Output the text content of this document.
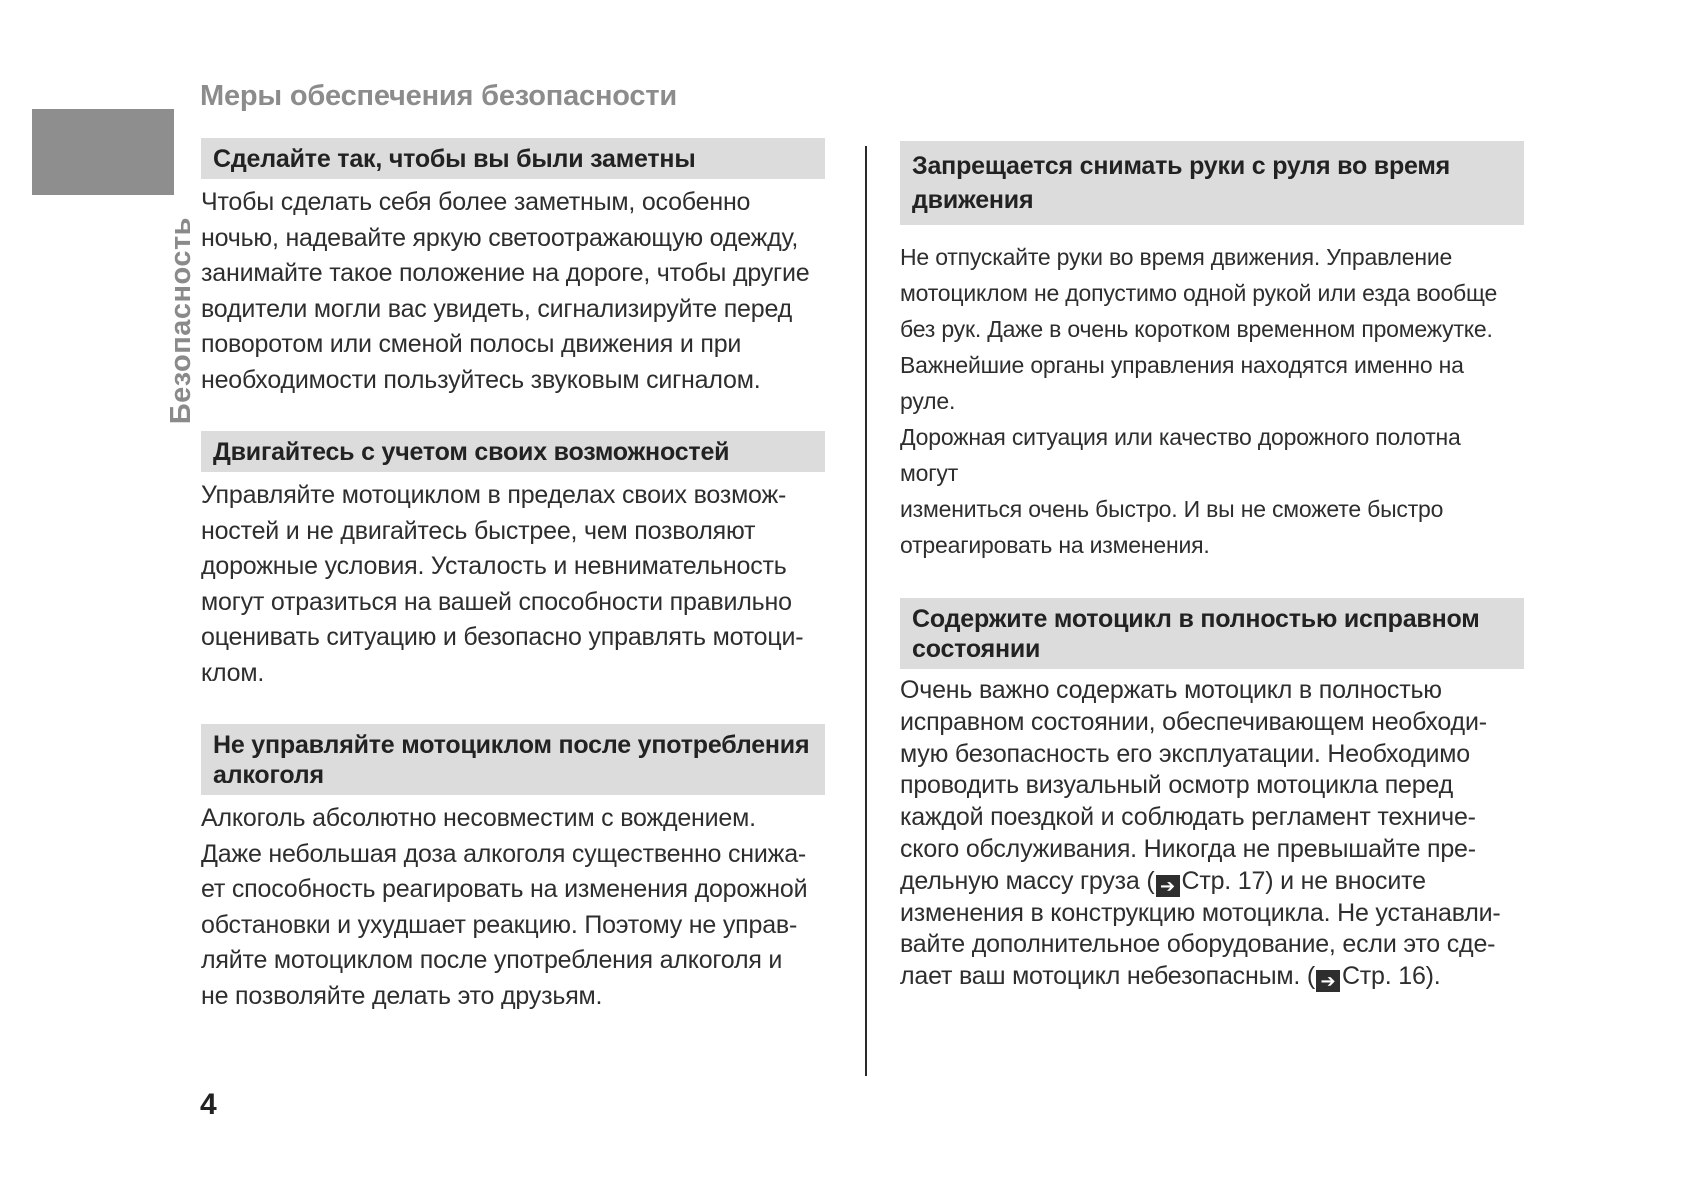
Безопасность
Меры обеспечения безопасности
Сделайте так, чтобы вы были заметны
Чтобы сделать себя более заметным, особенно
ночью, надевайте яркую светоотражающую одежду,
занимайте такое положение на дороге, чтобы другие
водители могли вас увидеть, сигнализируйте перед
поворотом или сменой полосы движения и при
необходимости пользуйтесь звуковым сигналом.
Двигайтесь с учетом своих возможностей
Управляйте мотоциклом в пределах своих возмож-
ностей и не двигайтесь быстрее, чем позволяют
дорожные условия. Усталость и невнимательность
могут отразиться на вашей способности правильно
оценивать ситуацию и безопасно управлять мотоци-
клом.
Не управляйте мотоциклом после употребления
алкоголя
Алкоголь абсолютно несовместим с вождением.
Даже небольшая доза алкоголя существенно снижа-
ет способность реагировать на изменения дорожной
обстановки и ухудшает реакцию. Поэтому не управ-
ляйте мотоциклом после употребления алкоголя и
не позволяйте делать это друзьям.
Запрещается снимать руки с руля во время
движения
Не отпускайте руки во время движения. Управление
мотоциклом не допустимо одной рукой или езда вообще
без рук. Даже в очень коротком временном промежутке.
Важнейшие органы управления находятся именно на руле.
Дорожная ситуация или качество дорожного полотна могут
измениться очень быстро. И вы не сможете быстро
отреагировать на изменения.
Содержите мотоцикл в полностью исправном
состоянии
Очень важно содержать мотоцикл в полностью
исправном состоянии, обеспечивающем необходи-
мую безопасность его эксплуатации. Необходимо
проводить визуальный осмотр мотоцикла перед
каждой поездкой и соблюдать регламент техниче-
ского обслуживания. Никогда не превышайте пре-
дельную массу груза ( ➔ Стр. 17) и не вносите
изменения в конструкцию мотоцикла. Не устанавли-
вайте дополнительное оборудование, если это сде-
лает ваш мотоцикл небезопасным. ( ➔ Стр. 16).
4
